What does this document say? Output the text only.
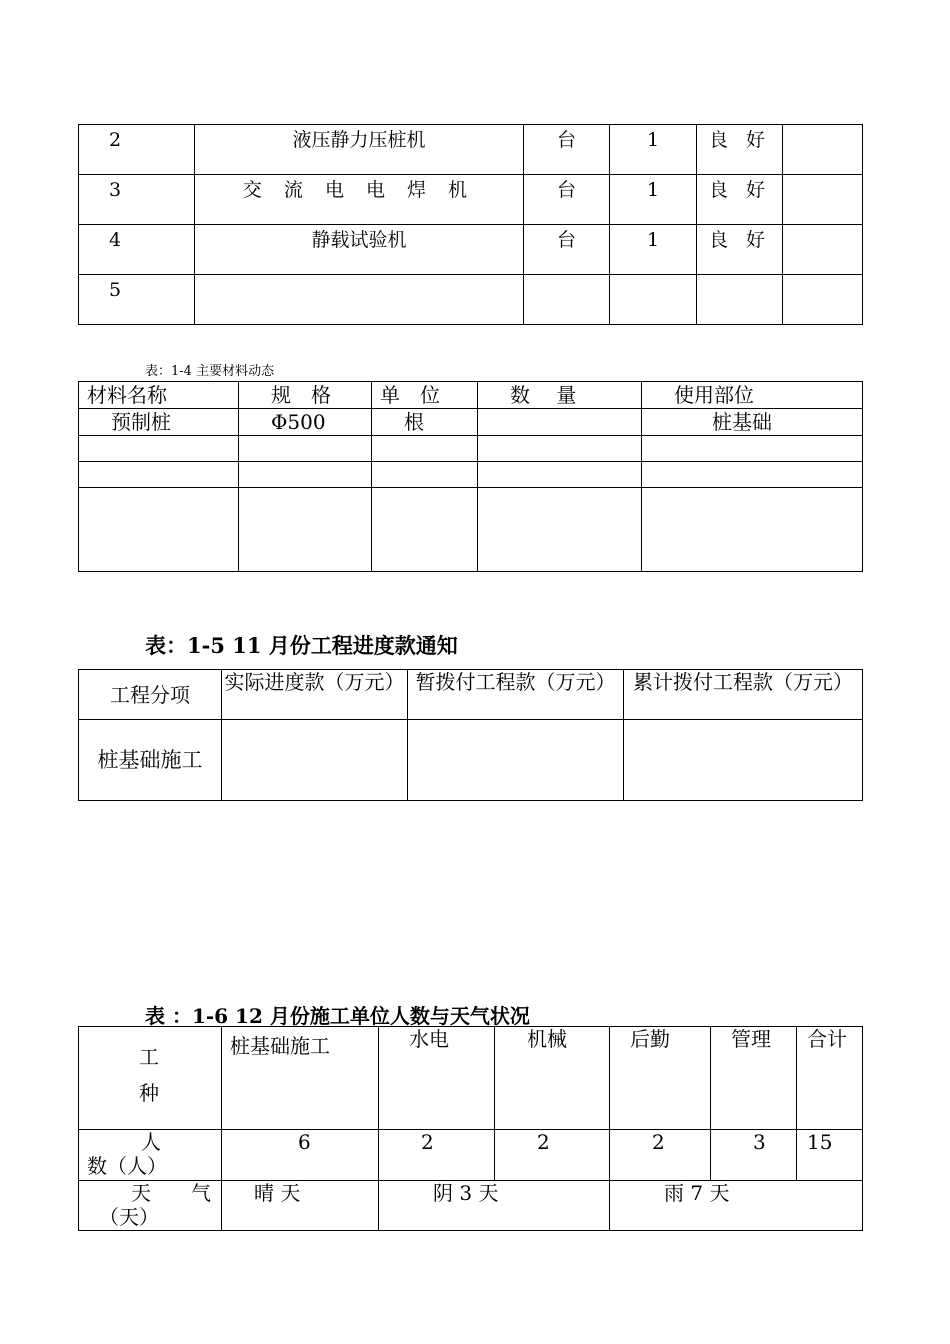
2	液压静力压桩机	台	1	良 好	
3	交 流 电 电 焊 机	台	1	良 好	
4	静载试验机	台	1	良 好	
5					
表：1-4 主要材料动态
材料名称	规　格	单　位	数　 量	使用部位
预制桩	Φ500	根		桩基础

表：1-5 11 月份工程进度款通知
工程分项	实际进度款（万元）	暂拨付工程款（万元）	累计拨付工程款（万元）
桩基础施工			
表 ：1-6 12 月份施工单位人数与天气状况
工
种	桩基础施工	水电	机械	后勤	管理	合计

人
数（人）	6	2	2	2	3	15

天　　气
（天）	晴 天	阴 3 天		雨 7 天		
